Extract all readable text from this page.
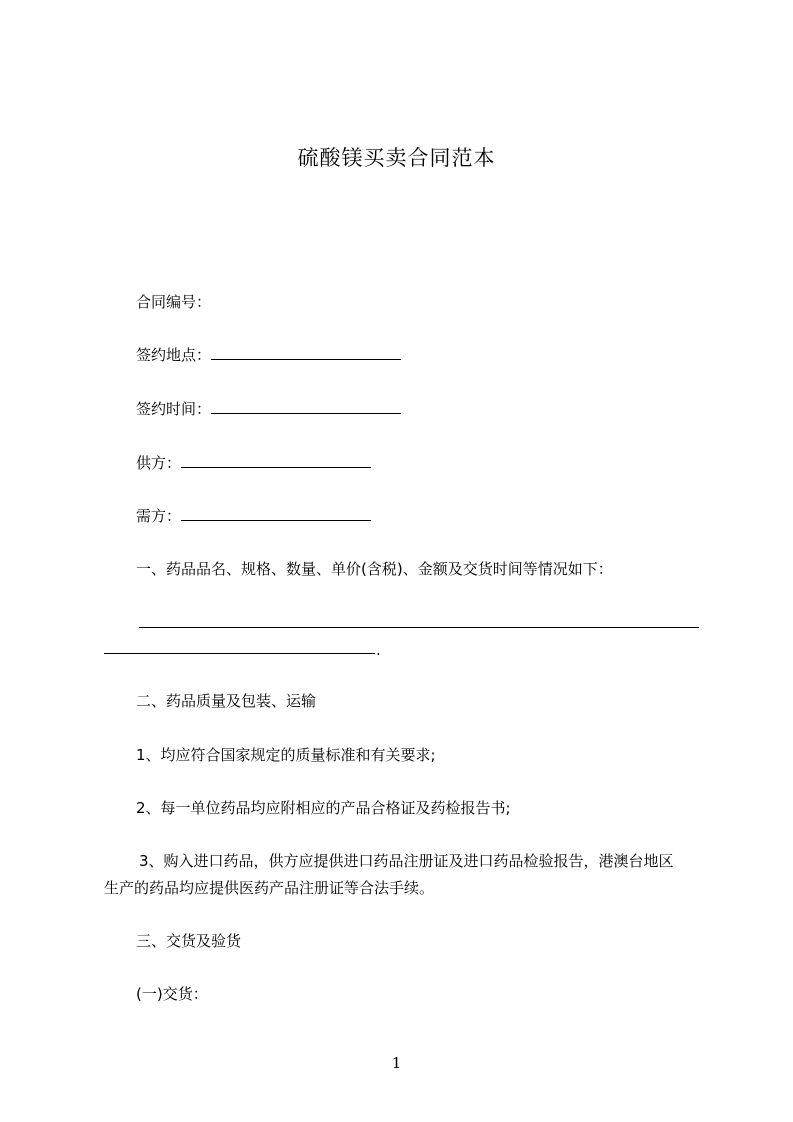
硫酸镁买卖合同范本
合同编号：
签约地点：
签约时间：
供方：
需方：
一、药品品名、规格、数量、单价(含税)、金额及交货时间等情况如下：
.
二、药品质量及包装、运输
1、均应符合国家规定的质量标准和有关要求;
2、每一单位药品均应附相应的产品合格证及药检报告书;
3、购入进口药品，供方应提供进口药品注册证及进口药品检验报告，港澳台地区
生产的药品均应提供医药产品注册证等合法手续。
三、交货及验货
(一)交货：
1
